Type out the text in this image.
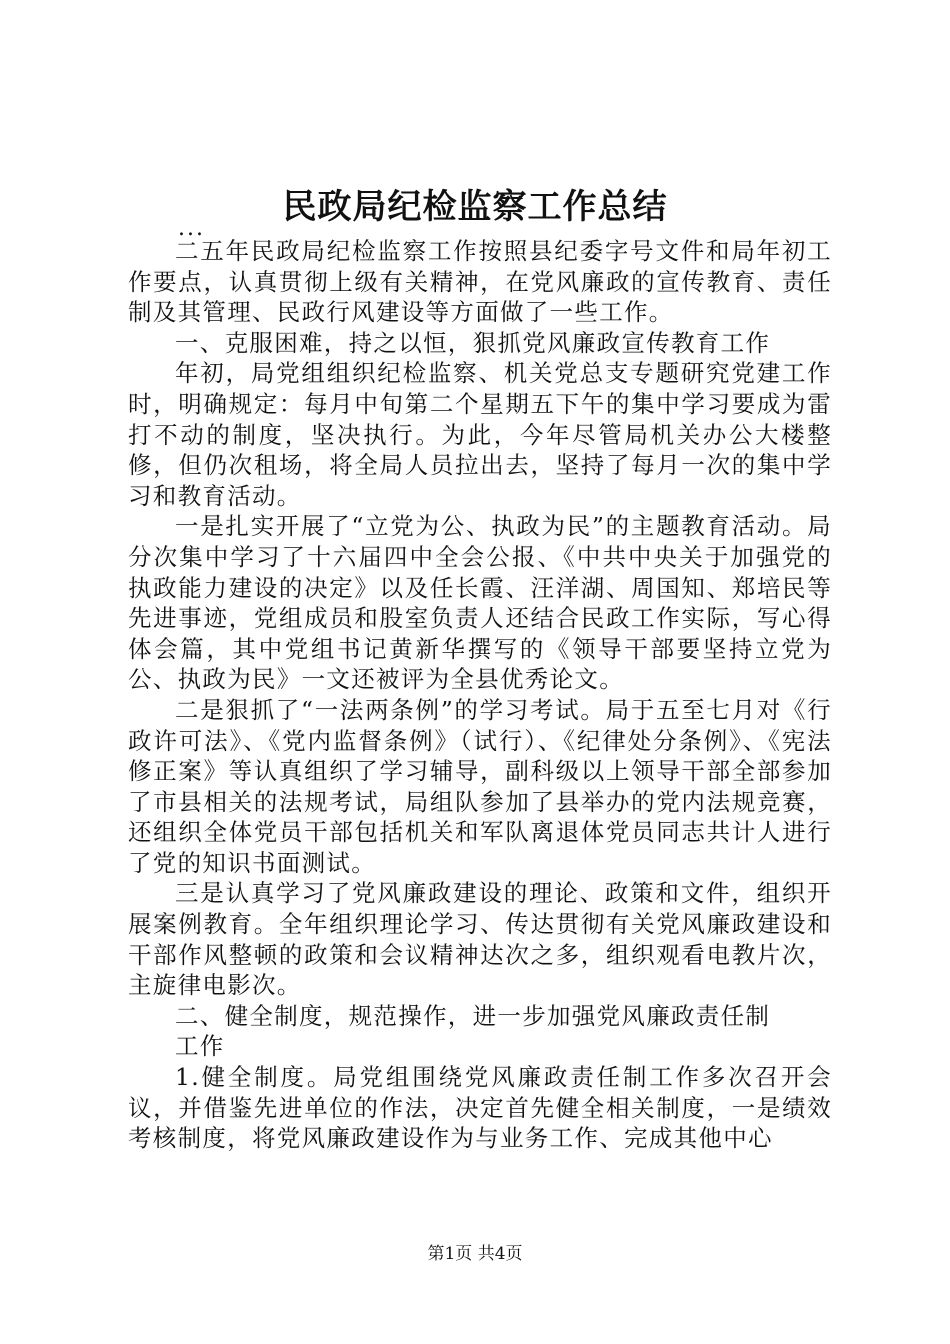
民政局纪检监察工作总结
...

二五年民政局纪检监察工作按照县纪委字号文件和局年初工作要点，认真贯彻上级有关精神，在党风廉政的宣传教育、责任制及其管理、民政行风建设等方面做了一些工作。

一、克服困难，持之以恒，狠抓党风廉政宣传教育工作

年初，局党组组织纪检监察、机关党总支专题研究党建工作时，明确规定：每月中旬第二个星期五下午的集中学习要成为雷打不动的制度，坚决执行。为此，今年尽管局机关办公大楼整修，但仍次租场，将全局人员拉出去，坚持了每月一次的集中学习和教育活动。

一是扎实开展了“立党为公、执政为民”的主题教育活动。局分次集中学习了十六届四中全会公报、《中共中央关于加强党的执政能力建设的决定》以及任长霞、汪洋湖、周国知、郑培民等先进事迹，党组成员和股室负责人还结合民政工作实际，写心得体会篇，其中党组书记黄新华撰写的《领导干部要坚持立党为公、执政为民》一文还被评为全县优秀论文。

二是狠抓了“一法两条例”的学习考试。局于五至七月对《行政许可法》、《党内监督条例》（试行）、《纪律处分条例》、《宪法修正案》等认真组织了学习辅导，副科级以上领导干部全部参加了市县相关的法规考试，局组队参加了县举办的党内法规竞赛，还组织全体党员干部包括机关和军队离退体党员同志共计人进行了党的知识书面测试。

三是认真学习了党风廉政建设的理论、政策和文件，组织开展案例教育。全年组织理论学习、传达贯彻有关党风廉政建设和干部作风整顿的政策和会议精神达次之多，组织观看电教片次，主旋律电影次。

二、健全制度，规范操作，进一步加强党风廉政责任制

工作

1.健全制度。局党组围绕党风廉政责任制工作多次召开会议，并借鉴先进单位的作法，决定首先健全相关制度，一是绩效考核制度，将党风廉政建设作为与业务工作、完成其他中心

第1页 共4页
